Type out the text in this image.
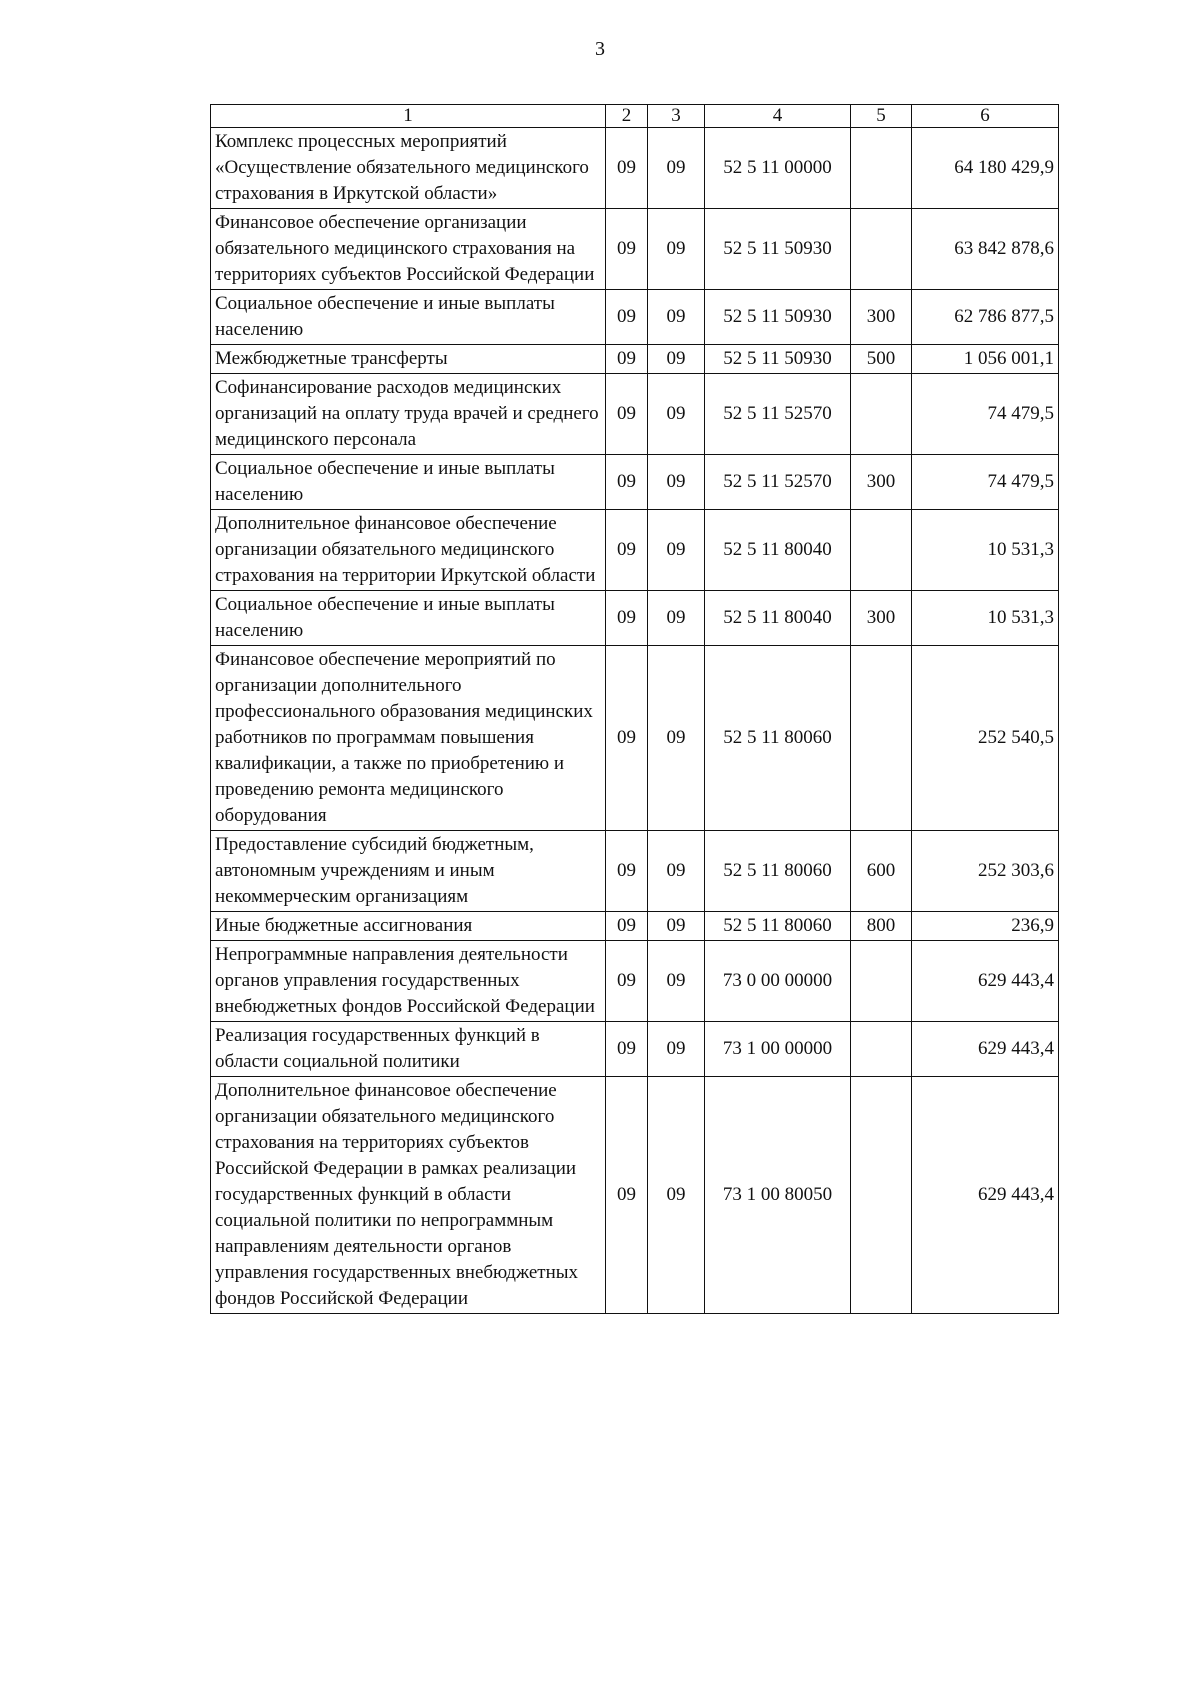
3
1	2	3	4	5	6
Комплекс процессных мероприятий «Осуществление обязательного медицинского страхования в Иркутской области»	09	09	52 5 11 00000		64 180 429,9
Финансовое обеспечение организации обязательного медицинского страхования на территориях субъектов Российской Федерации	09	09	52 5 11 50930		63 842 878,6
Социальное обеспечение и иные выплаты населению	09	09	52 5 11 50930	300	62 786 877,5
Межбюджетные трансферты	09	09	52 5 11 50930	500	1 056 001,1
Софинансирование расходов медицинских организаций на оплату труда врачей и среднего медицинского персонала	09	09	52 5 11 52570		74 479,5
Социальное обеспечение и иные выплаты населению	09	09	52 5 11 52570	300	74 479,5
Дополнительное финансовое обеспечение организации обязательного медицинского страхования на территории Иркутской области	09	09	52 5 11 80040		10 531,3
Социальное обеспечение и иные выплаты населению	09	09	52 5 11 80040	300	10 531,3
Финансовое обеспечение мероприятий по организации дополнительного профессионального образования медицинских работников по программам повышения квалификации, а также по приобретению и проведению ремонта медицинского оборудования	09	09	52 5 11 80060		252 540,5
Предоставление субсидий бюджетным, автономным учреждениям и иным некоммерческим организациям	09	09	52 5 11 80060	600	252 303,6
Иные бюджетные ассигнования	09	09	52 5 11 80060	800	236,9
Непрограммные направления деятельности органов управления государственных внебюджетных фондов Российской Федерации	09	09	73 0 00 00000		629 443,4
Реализация государственных функций в области социальной политики	09	09	73 1 00 00000		629 443,4
Дополнительное финансовое обеспечение организации обязательного медицинского страхования на территориях субъектов Российской Федерации в рамках реализации государственных функций в области социальной политики по непрограммным направлениям деятельности органов управления государственных внебюджетных фондов Российской Федерации	09	09	73 1 00 80050		629 443,4
